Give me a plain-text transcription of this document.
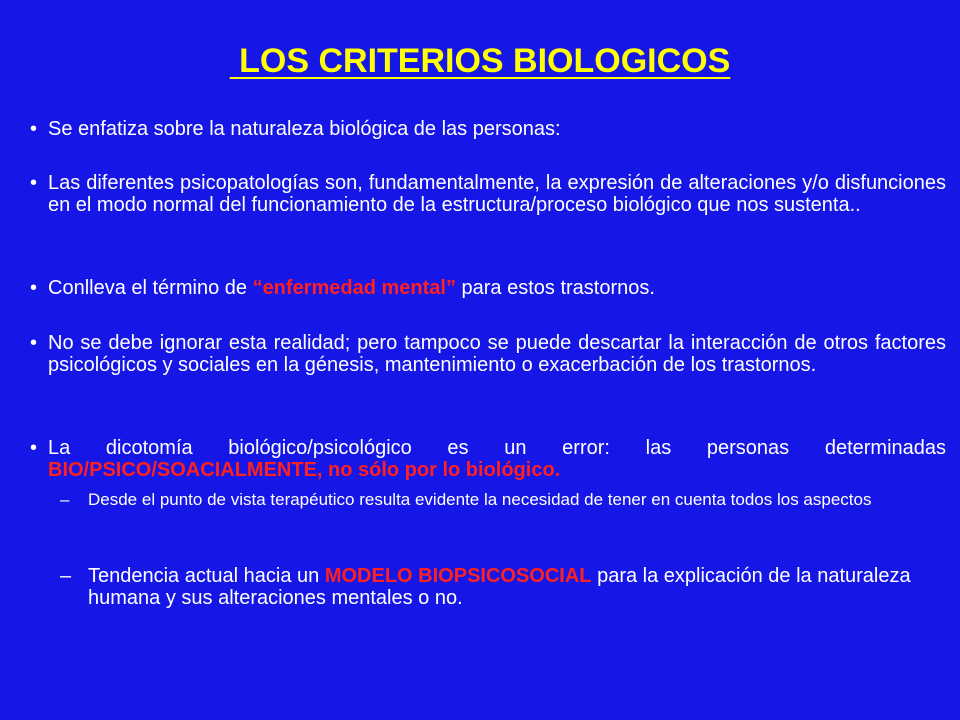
LOS CRITERIOS BIOLOGICOS
• Se enfatiza sobre la naturaleza biológica de las personas:
• Las diferentes psicopatologías son, fundamentalmente, la expresión de alteraciones y/o disfunciones en el modo normal del funcionamiento de la estructura/proceso biológico que nos sustenta..
• Conlleva el término de “enfermedad mental” para estos trastornos.
• No se debe ignorar esta realidad; pero tampoco se puede descartar la interacción de otros factores psicológicos y sociales en la génesis, mantenimiento o exacerbación de los trastornos.
• La dicotomía biológico/psicológico es un error: las personas determinadas BIO/PSICO/SOACIALMENTE, no sólo por lo biológico.
– Desde el punto de vista terapéutico resulta evidente la necesidad de tener en cuenta todos los aspectos
– Tendencia actual hacia un MODELO BIOPSICOSOCIAL para la explicación de la naturaleza humana y sus alteraciones mentales o no.
